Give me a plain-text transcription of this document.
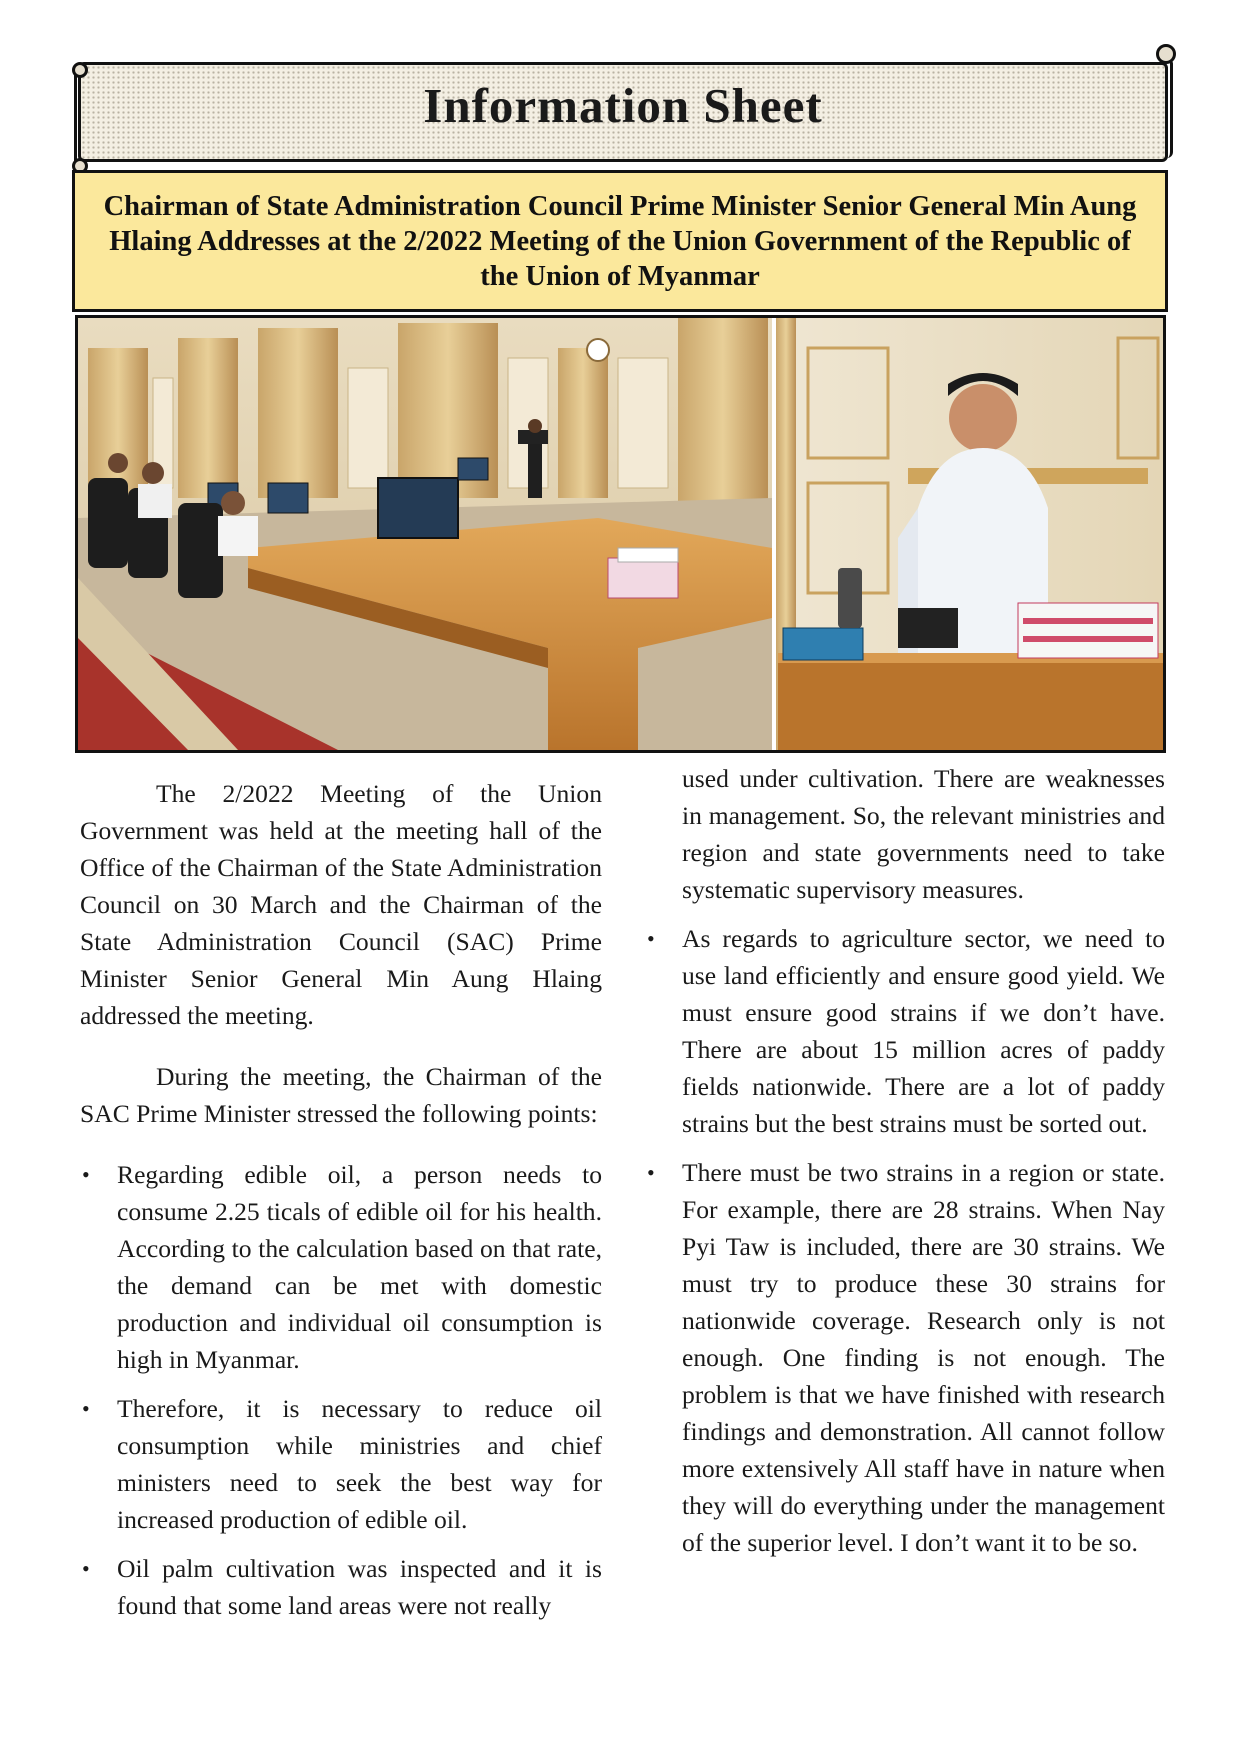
Information Sheet

Chairman of State Administration Council Prime Minister Senior General Min Aung Hlaing Addresses at the 2/2022 Meeting of the Union Government of the Republic of the Union of Myanmar

The 2/2022 Meeting of the Union Government was held at the meeting hall of the Office of the Chairman of the State Administration Council on 30 March and the Chairman of the State Administration Council (SAC) Prime Minister Senior General Min Aung Hlaing addressed the meeting.

During the meeting, the Chairman of the SAC Prime Minister stressed the following points:

• Regarding edible oil, a person needs to consume 2.25 ticals of edible oil for his health. According to the calculation based on that rate, the demand can be met with domestic production and individual oil consumption is high in Myanmar.
• Therefore, it is necessary to reduce oil consumption while ministries and chief ministers need to seek the best way for increased production of edible oil.
• Oil palm cultivation was inspected and it is found that some land areas were not really

used under cultivation. There are weaknesses in management. So, the relevant ministries and region and state governments need to take systematic supervisory measures.

• As regards to agriculture sector, we need to use land efficiently and ensure good yield. We must ensure good strains if we don’t have. There are about 15 million acres of paddy fields nationwide. There are a lot of paddy strains but the best strains must be sorted out.
• There must be two strains in a region or state. For example, there are 28 strains. When Nay Pyi Taw is included, there are 30 strains. We must try to produce these 30 strains for nationwide coverage. Research only is not enough. One finding is not enough. The problem is that we have finished with research findings and demonstration. All cannot follow more extensively All staff have in nature when they will do everything under the management of the superior level. I don’t want it to be so.
